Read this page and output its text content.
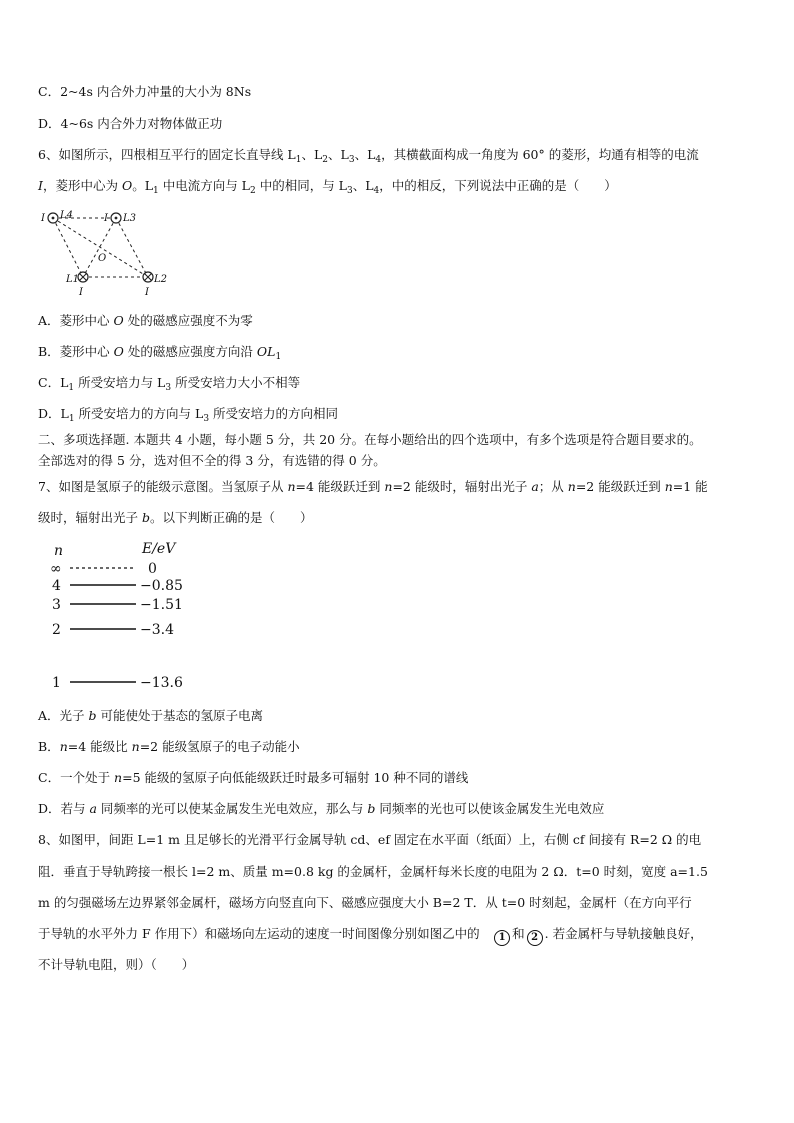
C．2~4s 内合外力冲量的大小为 8Ns
D．4~6s 内合外力对物体做正功
6、如图所示，四根相互平行的固定长直导线 $L_1$、$L_2$、$L_3$、$L_4$，其横截面构成一角度为 60° 的菱形，均通有相等的电流
I，菱形中心为 O。$L_1$ 中电流方向与 $L_2$ 中的相同，与 $L_3$、$L_4$，中的相反，下列说法中正确的是（　　）
I L4	I L3
O
L1	L2
I	I
A．菱形中心 O 处的磁感应强度不为零
B．菱形中心 O 处的磁感应强度方向沿 $OL_1$
C．$L_1$ 所受安培力与 $L_3$ 所受安培力大小不相等
D．$L_1$ 所受安培力的方向与 $L_3$ 所受安培力的方向相同
二、多项选择题. 本题共 4 小题，每小题 5 分，共 20 分。在每小题给出的四个选项中，有多个选项是符合题目要求的。
全部选对的得 5 分，选对但不全的得 3 分，有选错的得 0 分。
7、如图是氢原子的能级示意图。当氢原子从 n=4 能级跃迁到 n=2 能级时，辐射出光子 a；从 n=2 能级跃迁到 n=1 能
级时，辐射出光子 b。以下判断正确的是（　　）
n	E/eV
∞	0
4	−0.85
3	−1.51
2	−3.4
1	−13.6
A．光子 b 可能使处于基态的氢原子电离
B．n=4 能级比 n=2 能级氢原子的电子动能小
C．一个处于 n=5 能级的氢原子向低能级跃迁时最多可辐射 10 种不同的谱线
D．若与 a 同频率的光可以使某金属发生光电效应，那么与 b 同频率的光也可以使该金属发生光电效应
8、如图甲，间距 L=1 m 且足够长的光滑平行金属导轨 cd、ef 固定在水平面（纸面）上，右侧 cf 间接有 R=2 Ω 的电
阻．垂直于导轨跨接一根长 l=2 m、质量 m=0.8 kg 的金属杆，金属杆每米长度的电阻为 2 Ω．t=0 时刻，宽度 a=1.5
m 的匀强磁场左边界紧邻金属杆，磁场方向竖直向下、磁感应强度大小 B=2 T．从 t=0 时刻起，金属杆（在方向平行
于导轨的水平外力 F 作用下）和磁场向左运动的速度一时间图像分别如图乙中的　1 和 2 . 若金属杆与导轨接触良好，
不计导轨电阻，则）（　　）
